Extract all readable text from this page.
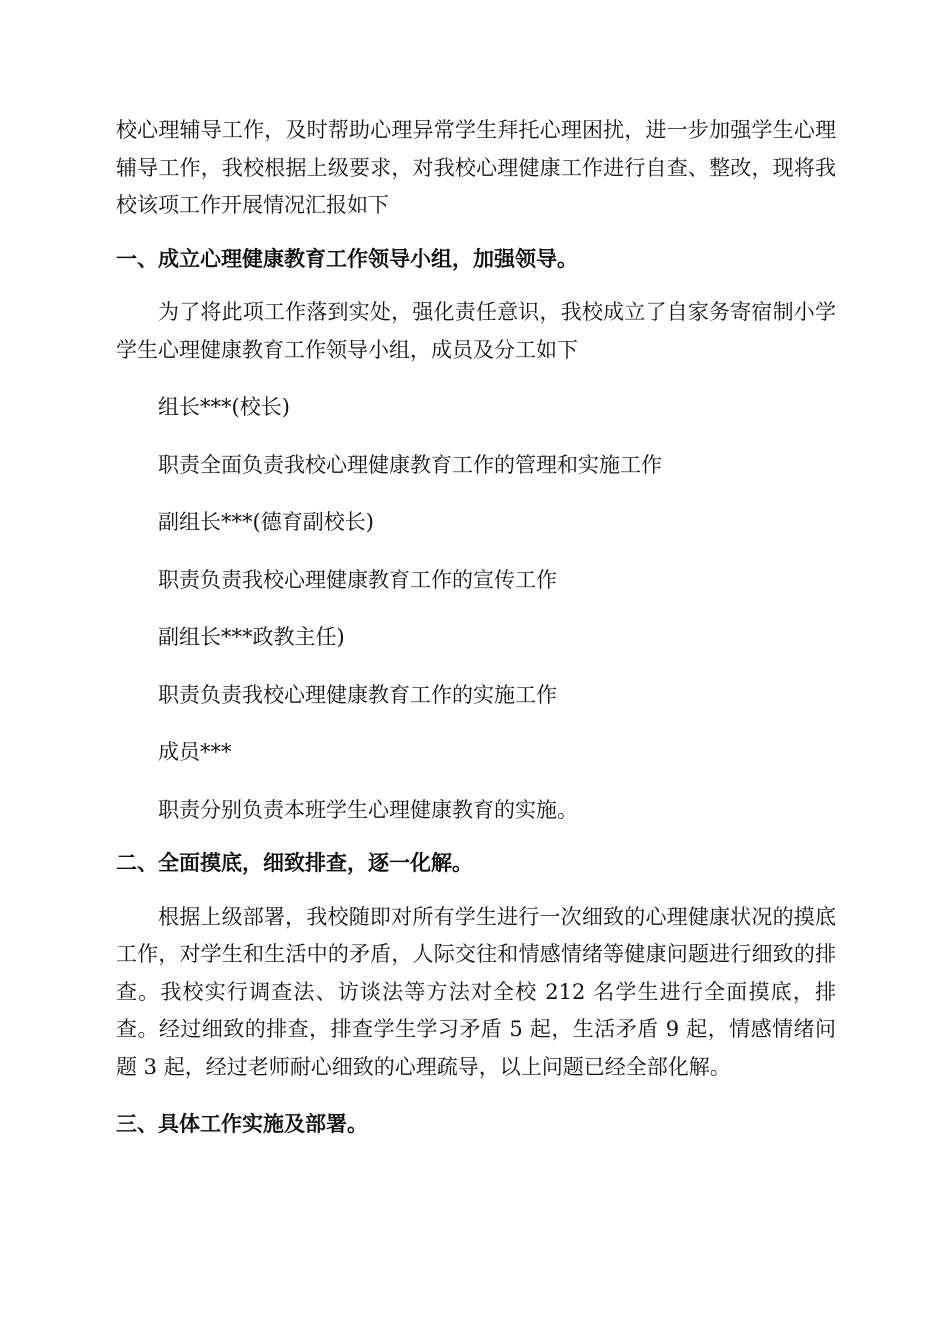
校心理辅导工作，及时帮助心理异常学生拜托心理困扰，进一步加强学生心理辅导工作，我校根据上级要求，对我校心理健康工作进行自查、整改，现将我校该项工作开展情况汇报如下

一、成立心理健康教育工作领导小组，加强领导。

为了将此项工作落到实处，强化责任意识，我校成立了自家务寄宿制小学学生心理健康教育工作领导小组，成员及分工如下

组长***(校长)

职责全面负责我校心理健康教育工作的管理和实施工作

副组长***(德育副校长)

职责负责我校心理健康教育工作的宣传工作

副组长***政教主任)

职责负责我校心理健康教育工作的实施工作

成员***

职责分别负责本班学生心理健康教育的实施。

二、全面摸底，细致排查，逐一化解。

根据上级部署，我校随即对所有学生进行一次细致的心理健康状况的摸底工作，对学生和生活中的矛盾，人际交往和情感情绪等健康问题进行细致的排查。我校实行调查法、访谈法等方法对全校 212 名学生进行全面摸底，排查。经过细致的排查，排查学生学习矛盾 5 起，生活矛盾 9 起，情感情绪问题 3 起，经过老师耐心细致的心理疏导，以上问题已经全部化解。

三、具体工作实施及部署。
